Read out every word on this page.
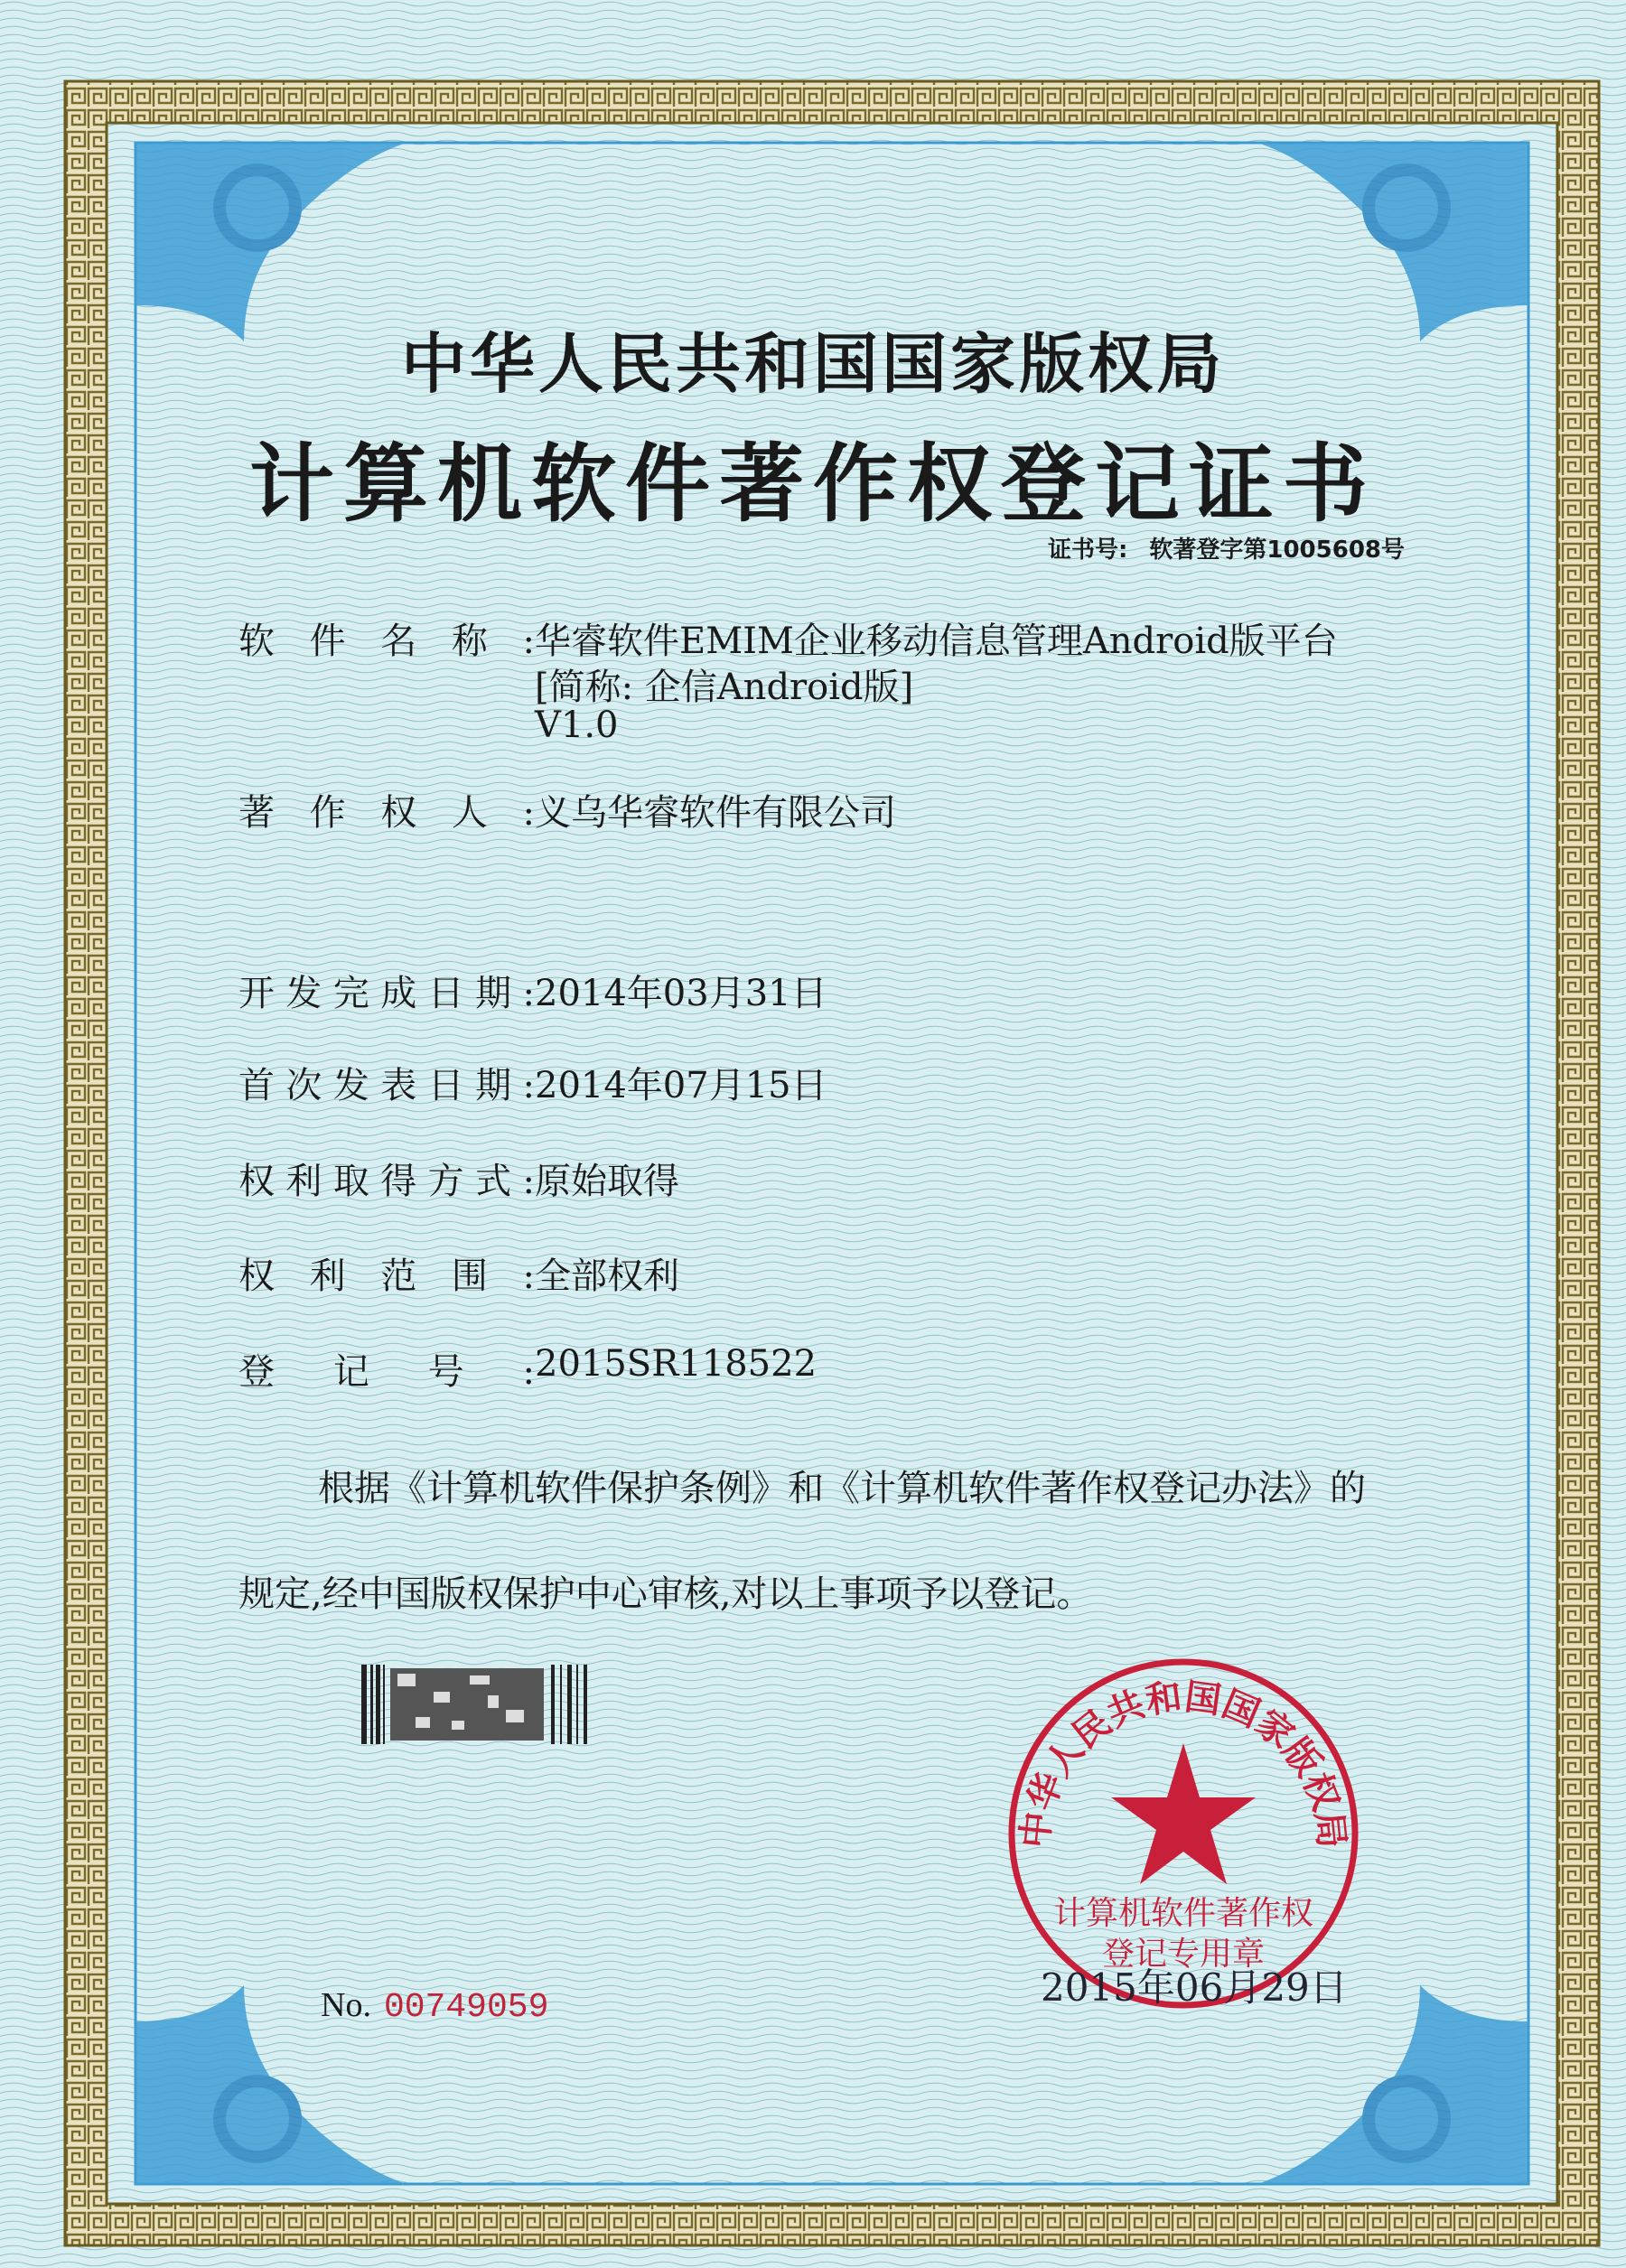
中华人民共和国国家版权局
计算机软件著作权登记证书
证书号: 软著登字第1005608号
软件名称:
华睿软件EMIM企业移动信息管理Android版平台
[简称: 企信Android版]
V1.0
著作权人:
义乌华睿软件有限公司
开发完成日期:
2014年03月31日
首次发表日期:
2014年07月15日
权利取得方式:
原始取得
权利范围:
全部权利
登记号:
2015SR118522
根据《计算机软件保护条例》和《计算机软件著作权登记办法》的
规定,经中国版权保护中心审核,对以上事项予以登记。
中华人民共和国国家版权局
计算机软件著作权
登记专用章
No. 00749059	2015年06月29日
